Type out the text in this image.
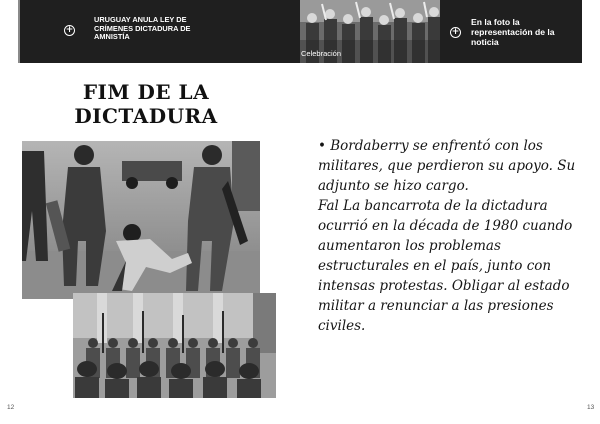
+
URUGUAY ANULA LEY DE CRÍMENES DICTADURA DE AMNISTÍA
Celebración
+
En la foto la representación de la noticia
FIM DE LA
DICTADURA

• Bordaberry se enfrentó con los militares, que perdieron su apoyo. Su adjunto se hizo cargo.

Fal La bancarrota de la dictadura ocurrió en la década de 1980 cuando aumentaron los problemas estructurales en el país, junto con intensas protestas. Obligar al estado militar a renunciar a las presiones civiles.

12	13
